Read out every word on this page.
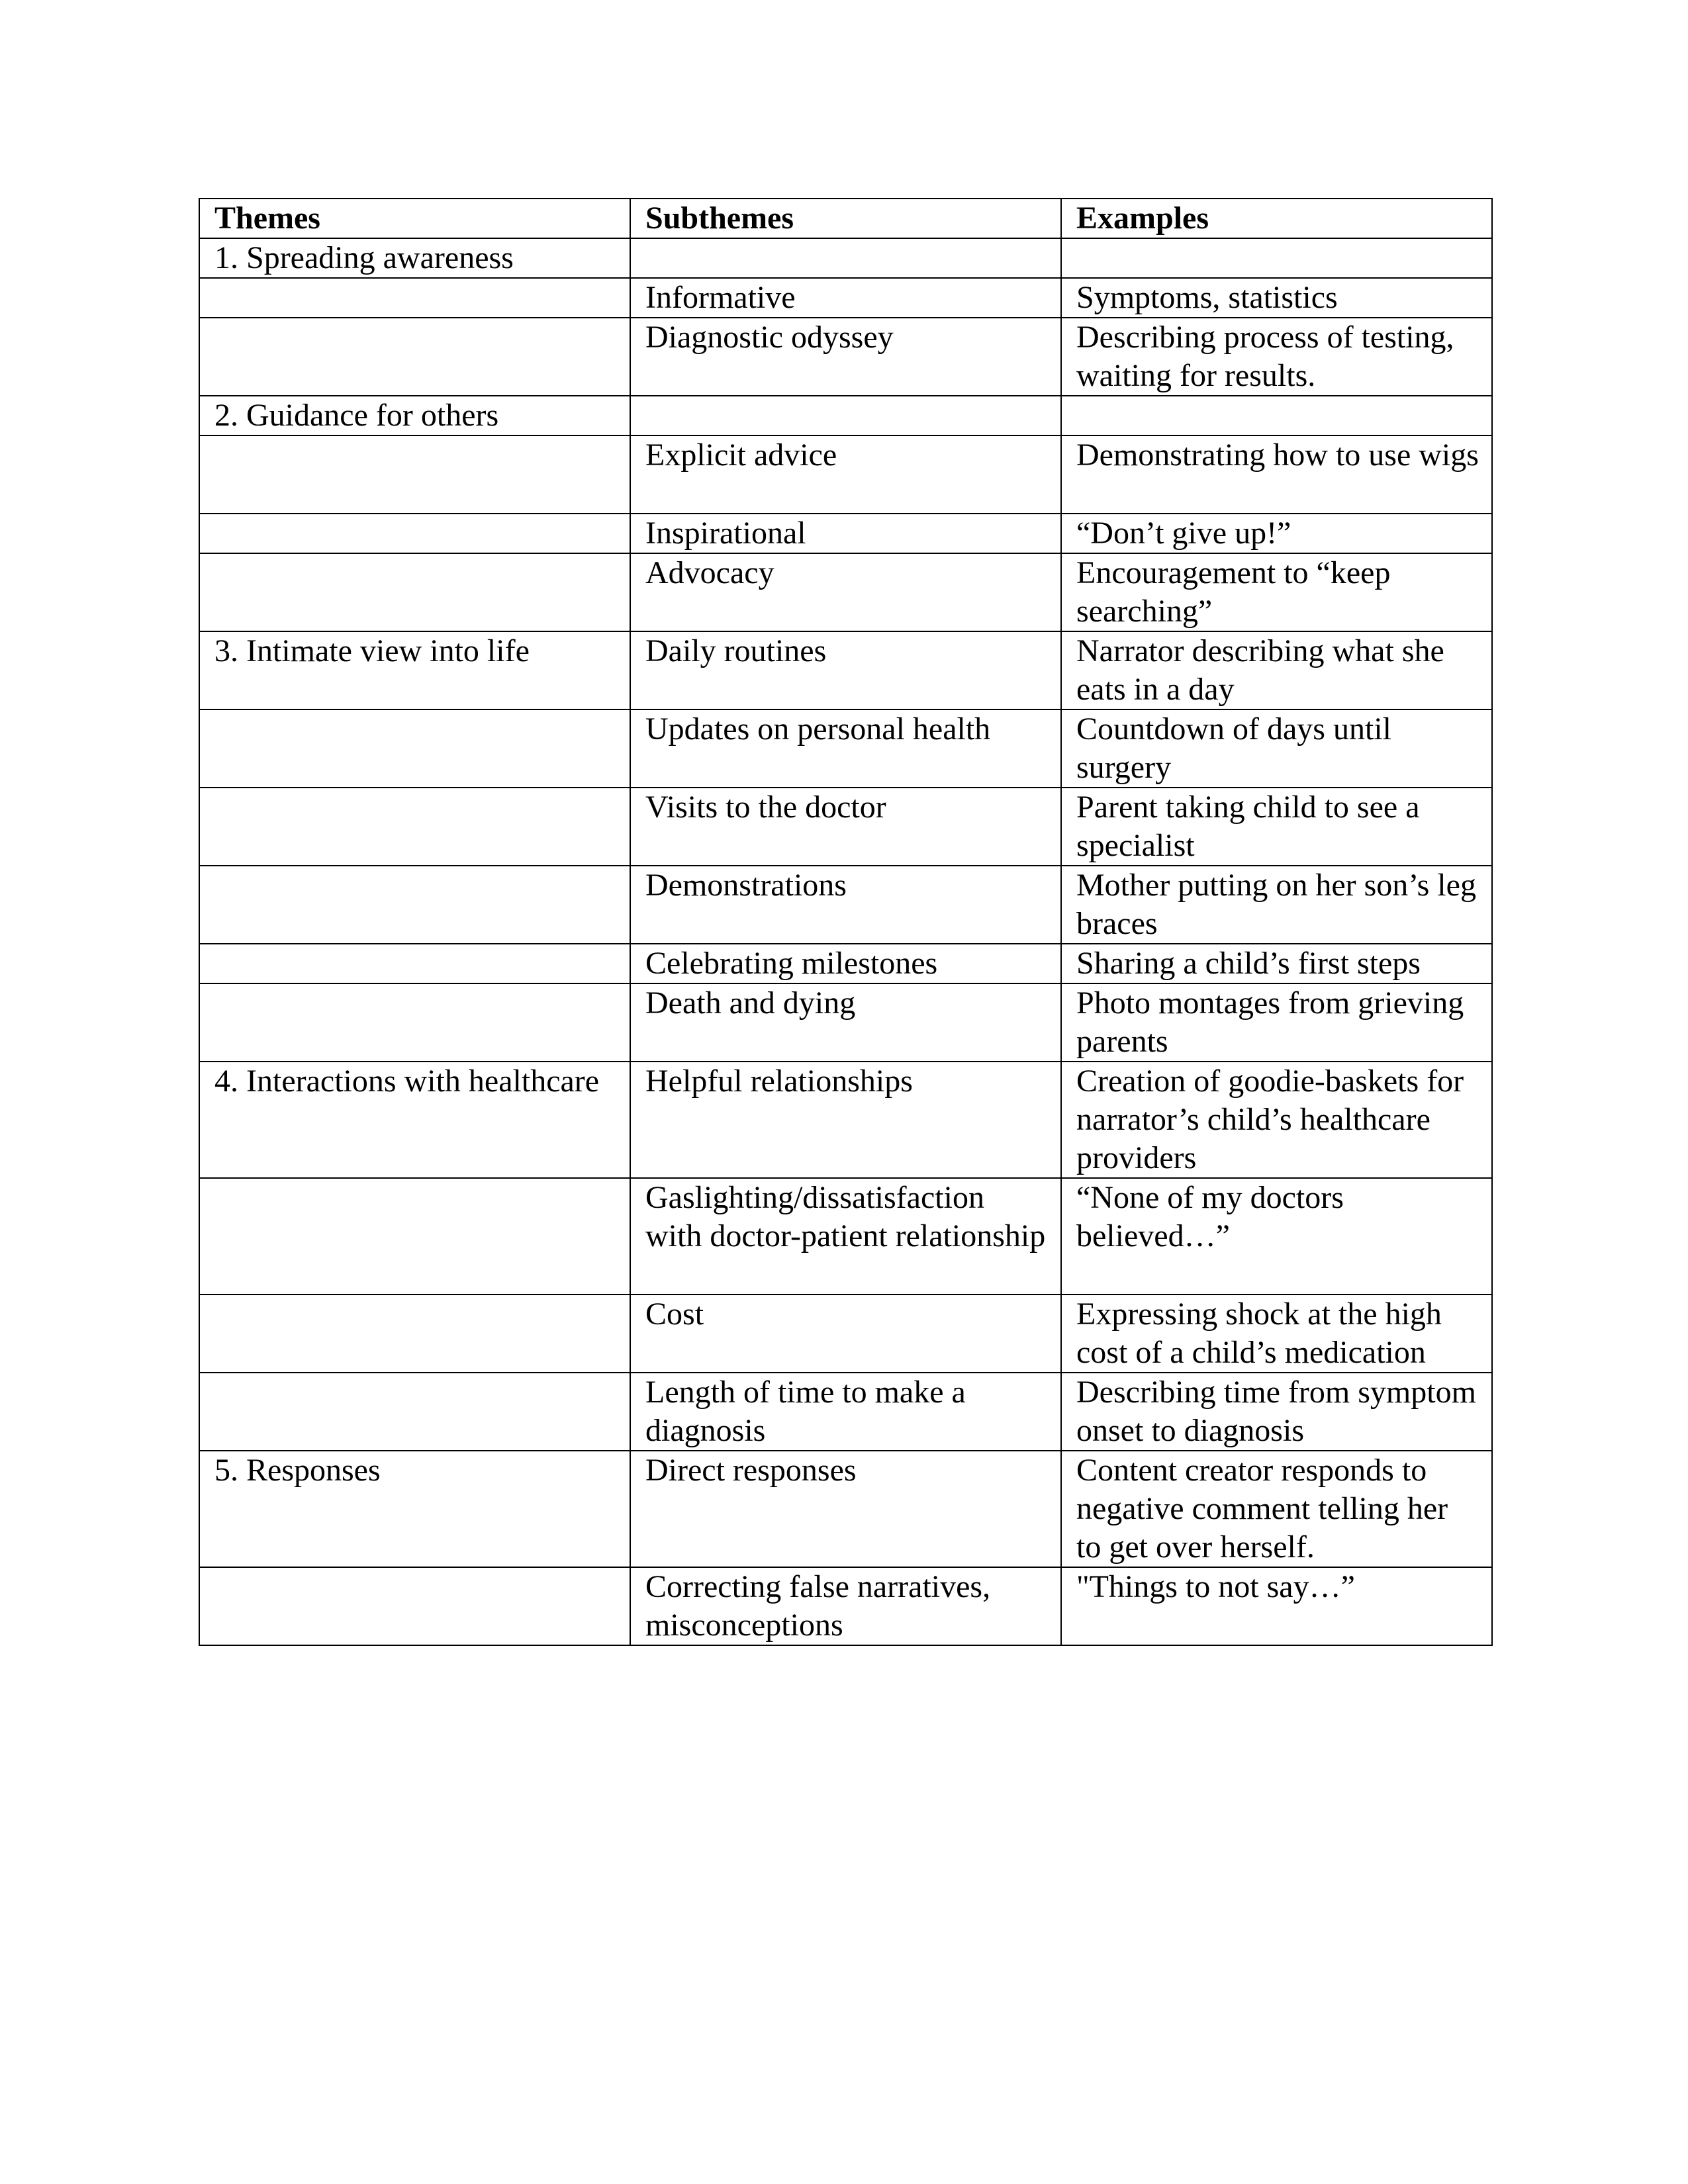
Themes	Subthemes	Examples

1. Spreading awareness		

	Informative	Symptoms, statistics

	Diagnostic odyssey	Describing process of testing, waiting for results.

2. Guidance for others		

	Explicit advice	Demonstrating how to use wigs

	Inspirational	“Don’t give up!”

	Advocacy	Encouragement to “keep searching”

3. Intimate view into life	Daily routines	Narrator describing what she eats in a day

	Updates on personal health	Countdown of days until surgery

	Visits to the doctor	Parent taking child to see a specialist

	Demonstrations	Mother putting on her son’s leg braces

	Celebrating milestones	Sharing a child’s first steps

	Death and dying	Photo montages from grieving parents

4. Interactions with healthcare	Helpful relationships	Creation of goodie-baskets for narrator’s child’s healthcare providers

	Gaslighting/dissatisfaction with doctor-patient relationship	“None of my doctors believed…”

	Cost	Expressing shock at the high cost of a child’s medication

	Length of time to make a diagnosis	Describing time from symptom onset to diagnosis

5. Responses	Direct responses	Content creator responds to negative comment telling her to get over herself.

	Correcting false narratives, misconceptions	"Things to not say…”
